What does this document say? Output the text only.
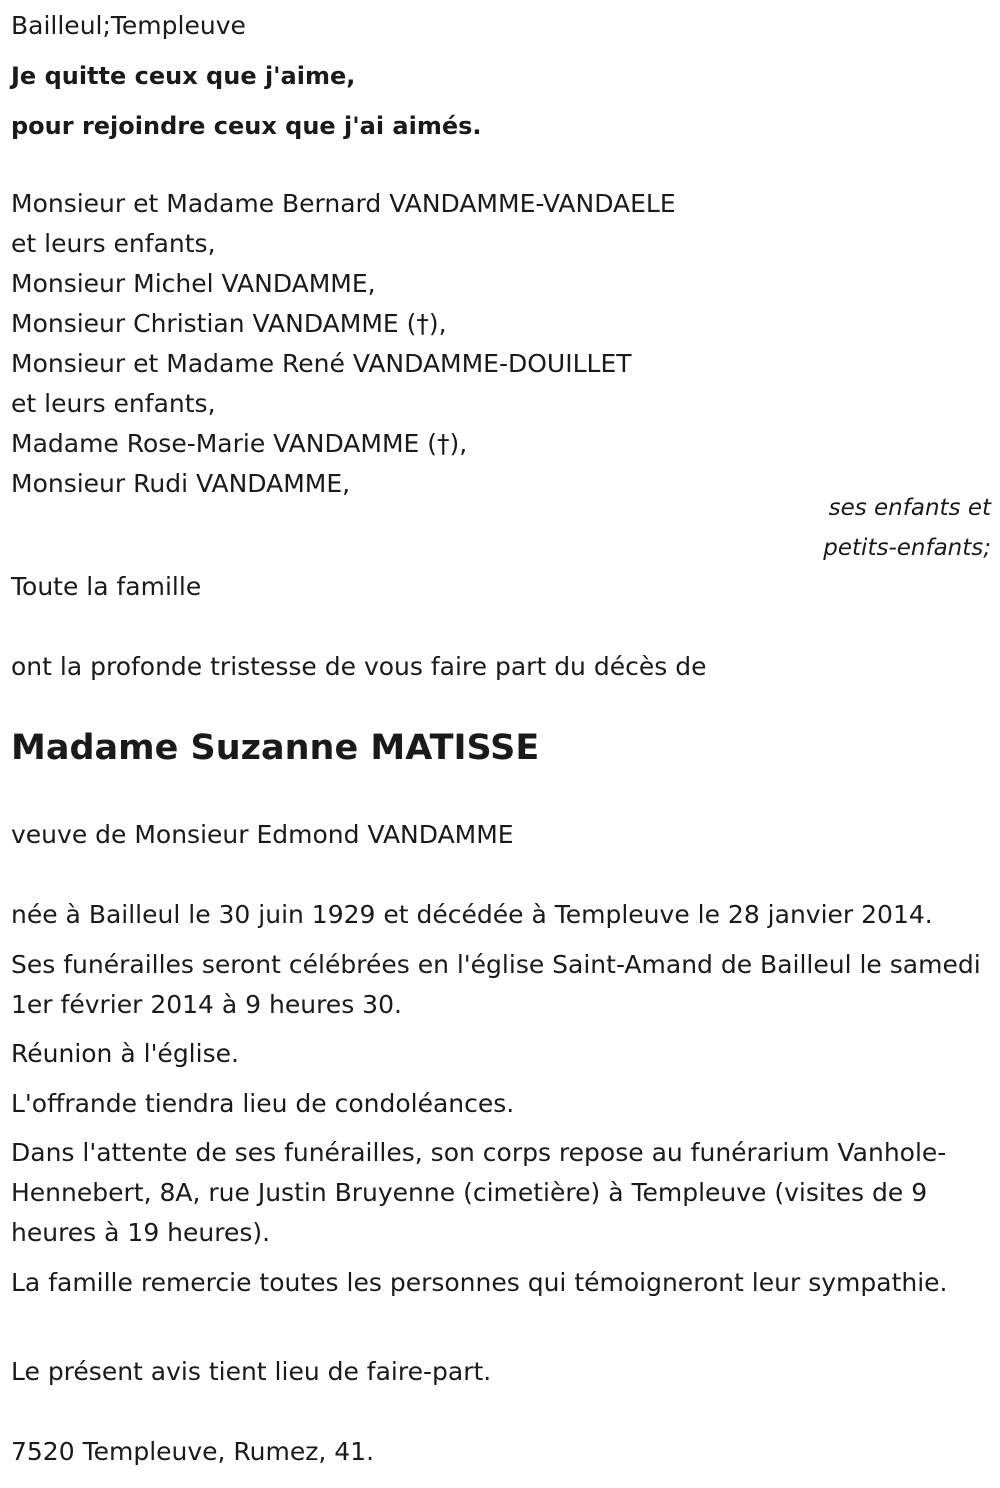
Bailleul;Templeuve
Je quitte ceux que j'aime,
pour rejoindre ceux que j'ai aimés.
Monsieur et Madame Bernard VANDAMME-VANDAELE
et leurs enfants,
Monsieur Michel VANDAMME,
Monsieur Christian VANDAMME (†),
Monsieur et Madame René VANDAMME-DOUILLET
et leurs enfants,
Madame Rose-Marie VANDAMME (†),
Monsieur Rudi VANDAMME,
ses enfants et
petits-enfants;
Toute la famille
ont la profonde tristesse de vous faire part du décès de
Madame Suzanne MATISSE
veuve de Monsieur Edmond VANDAMME
née à Bailleul le 30 juin 1929 et décédée à Templeuve le 28 janvier 2014.
Ses funérailles seront célébrées en l'église Saint-Amand de Bailleul le samedi 1er février 2014 à 9 heures 30.
Réunion à l'église.
L'offrande tiendra lieu de condoléances.
Dans l'attente de ses funérailles, son corps repose au funérarium Vanhole-Hennebert, 8A, rue Justin Bruyenne (cimetière) à Templeuve (visites de 9 heures à 19 heures).
La famille remercie toutes les personnes qui témoigneront leur sympathie.
Le présent avis tient lieu de faire-part.
7520 Templeuve, Rumez, 41.
